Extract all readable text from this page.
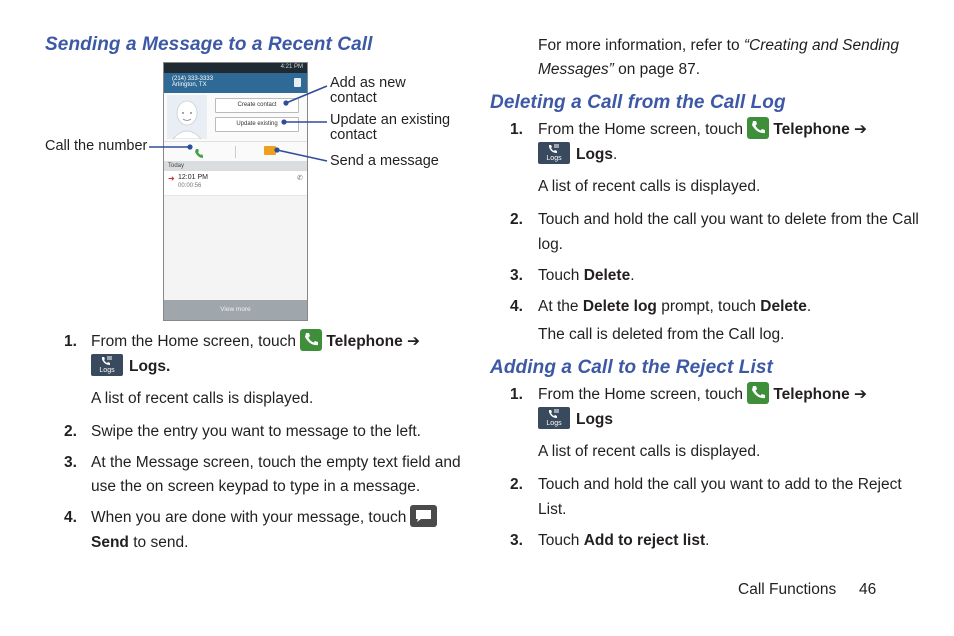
Sending a Message to a Recent Call
4:21 PM
(214) 333-3333
Arlington, TX
Create contact
Update existing
Today
➜ 12:01 PM
00:00:56
✆
View more
Add as new
contact
Update an existing
contact
Call the number
Send a message
1. From the Home screen, touch Telephone ➔
Logs Logs.
A list of recent calls is displayed.
2. Swipe the entry you want to message to the left.
3. At the Message screen, touch the empty text field and
use the on screen keypad to type in a message.
4. When you are done with your message, touch
Send to send.
For more information, refer to “Creating and Sending
Messages” on page 87.
Deleting a Call from the Call Log
1. From the Home screen, touch Telephone ➔
Logs Logs.
A list of recent calls is displayed.
2. Touch and hold the call you want to delete from the Call
log.
3. Touch Delete.
4. At the Delete log prompt, touch Delete.
The call is deleted from the Call log.
Adding a Call to the Reject List
1. From the Home screen, touch Telephone ➔
Logs Logs
A list of recent calls is displayed.
2. Touch and hold the call you want to add to the Reject
List.
3. Touch Add to reject list.
Call Functions 46
